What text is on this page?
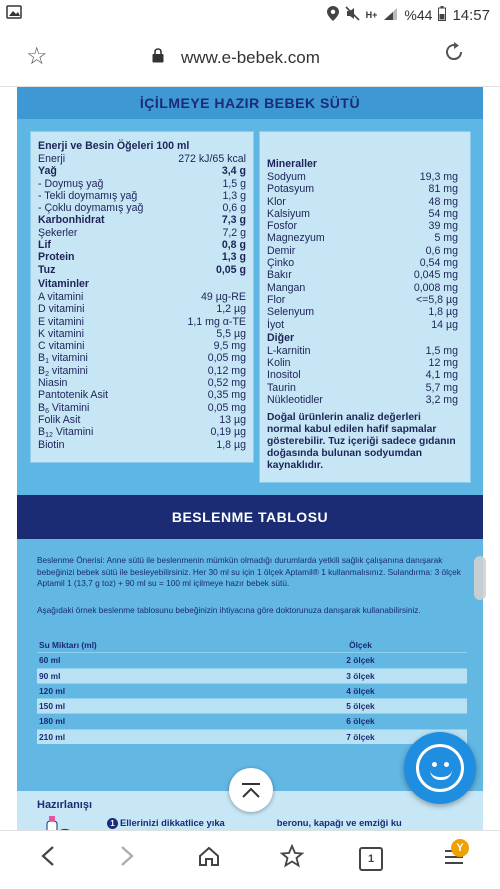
H+ %44 14:57
☆	www.e-bebek.com
İÇİLMEYE HAZIR BEBEK SÜTÜ
Enerji ve Besin Öğeleri 100 ml
Enerji	272 kJ/65 kcal
Yağ	3,4 g
- Doymuş yağ	1,5 g
- Tekli doymamış yağ	1,3 g
- Çoklu doymamış yağ	0,6 g
Karbonhidrat	7,3 g
Şekerler	7,2 g
Lif	0,8 g
Protein	1,3 g
Tuz	0,05 g
Vitaminler
A vitamini	49 µg-RE
D vitamini	1,2 µg
E vitamini	1,1 mg α-TE
K vitamini	5,5 µg
C vitamini	9,5 mg
$B_1$ vitamini	0,05 mg
$B_2$ vitamini	0,12 mg
Niasin	0,52 mg
Pantotenik Asit	0,35 mg
$B_6$ Vitamini	0,05 mg
Folik Asit	13 µg
$B_{12}$ Vitamini	0,19 µg
Biotin	1,8 µg
Mineraller
Sodyum	19,3 mg
Potasyum	81 mg
Klor	48 mg
Kalsiyum	54 mg
Fosfor	39 mg
Magnezyum	5 mg
Demir	0,6 mg
Çinko	0,54 mg
Bakır	0,045 mg
Mangan	0,008 mg
Flor	<=5,8 µg
Selenyum	1,8 µg
İyot	14 µg
Diğer
L-karnitin	1,5 mg
Kolin	12 mg
Inositol	4,1 mg
Taurin	5,7 mg
Nükleotidler	3,2 mg
Doğal ürünlerin analiz değerleri normal kabul edilen hafif sapmalar gösterebilir. Tuz içeriği sadece gıdanın doğasında bulunan sodyumdan kaynaklıdır.
BESLENME TABLOSU
Beslenme Önerisi: Anne sütü ile beslenmenin mümkün olmadığı durumlarda yetkili sağlık çalışanına danışarak bebeğinizi bebek sütü ile besleyebilirsiniz. Her 30 ml su için 1 ölçek Aptamil® 1 kullanmalısınız. Sulandırma: 3 ölçek Aptamil 1 (13,7 g toz) + 90 ml su = 100 ml içilmeye hazır bebek sütü.
Aşağıdaki örnek beslenme tablosunu bebeğinizin ihtiyacına göre doktorunuza danışarak kullanabilirsiniz.
Su Miktarı (ml)	Ölçek
60 ml	2 ölçek
90 ml	3 ölçek
120 ml	4 ölçek
150 ml	5 ölçek
180 ml	6 ölçek
210 ml	7 ölçek
Hazırlanışı
1 Ellerinizi dikkatlice yıka	beronu, kapağı ve emziği ku

1
Y
